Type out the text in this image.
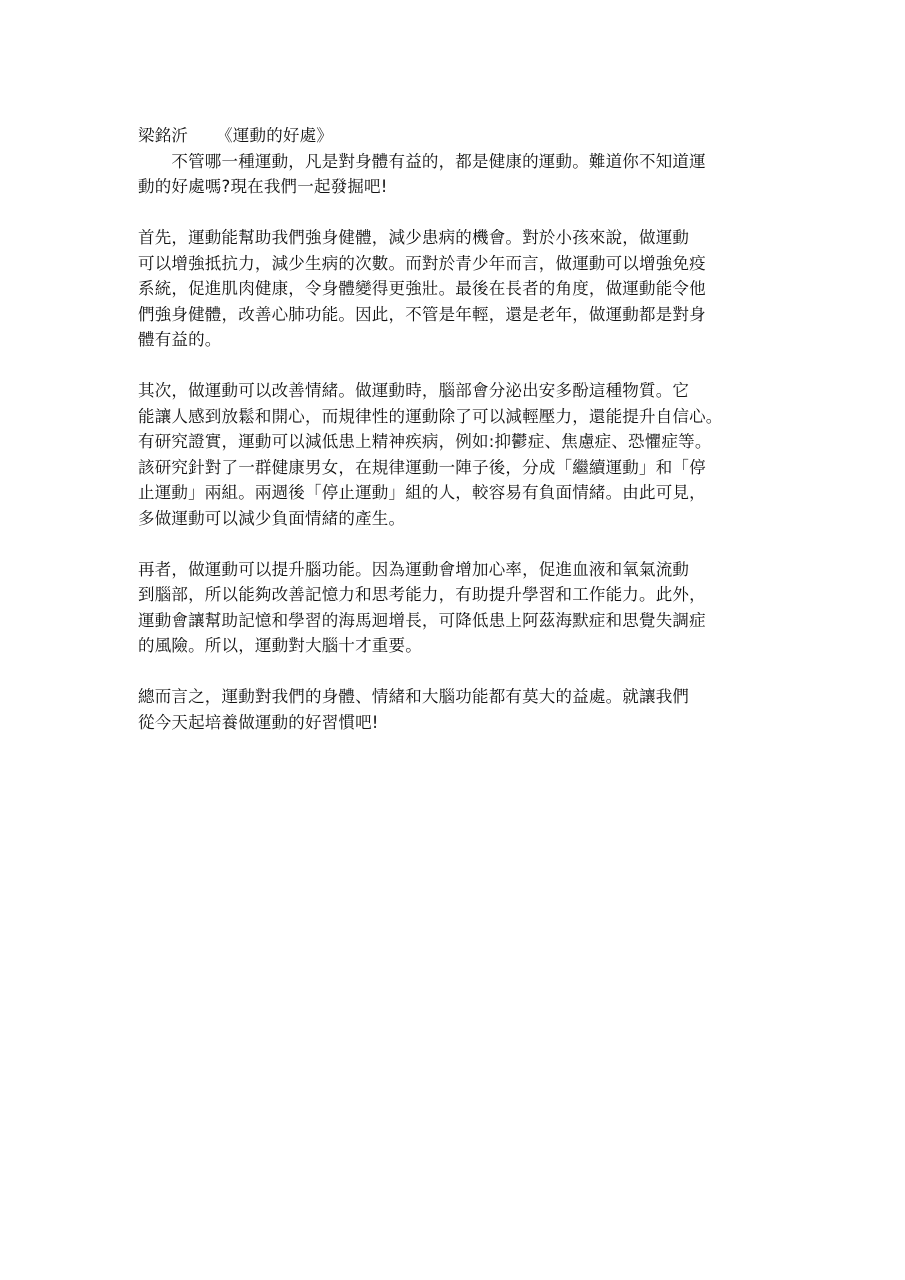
梁銘沂 《運動的好處》
　　不管哪一種運動，凡是對身體有益的，都是健康的運動。難道你不知道運
動的好處嗎?現在我們一起發掘吧!
首先，運動能幫助我們強身健體，減少患病的機會。對於小孩來說，做運動
可以增強抵抗力，減少生病的次數。而對於青少年而言，做運動可以增強免疫
系統，促進肌肉健康，令身體變得更強壯。最後在長者的角度，做運動能令他
們強身健體，改善心肺功能。因此，不管是年輕，還是老年，做運動都是對身
體有益的。
其次，做運動可以改善情緒。做運動時，腦部會分泌出安多酚這種物質。它
能讓人感到放鬆和開心，而規律性的運動除了可以減輕壓力，還能提升自信心。
有研究證實，運動可以減低患上精神疾病，例如:抑鬱症、焦慮症、恐懼症等。
該研究針對了一群健康男女，在規律運動一陣子後，分成「繼續運動」和「停
止運動」兩組。兩週後「停止運動」組的人，較容易有負面情緒。由此可見，
多做運動可以減少負面情緒的產生。
再者，做運動可以提升腦功能。因為運動會增加心率，促進血液和氧氣流動
到腦部，所以能夠改善記憶力和思考能力，有助提升學習和工作能力。此外，
運動會讓幫助記憶和學習的海馬迴增長，可降低患上阿茲海默症和思覺失調症
的風險。所以，運動對大腦十才重要。
總而言之，運動對我們的身體、情緒和大腦功能都有莫大的益處。就讓我們
從今天起培養做運動的好習慣吧!
